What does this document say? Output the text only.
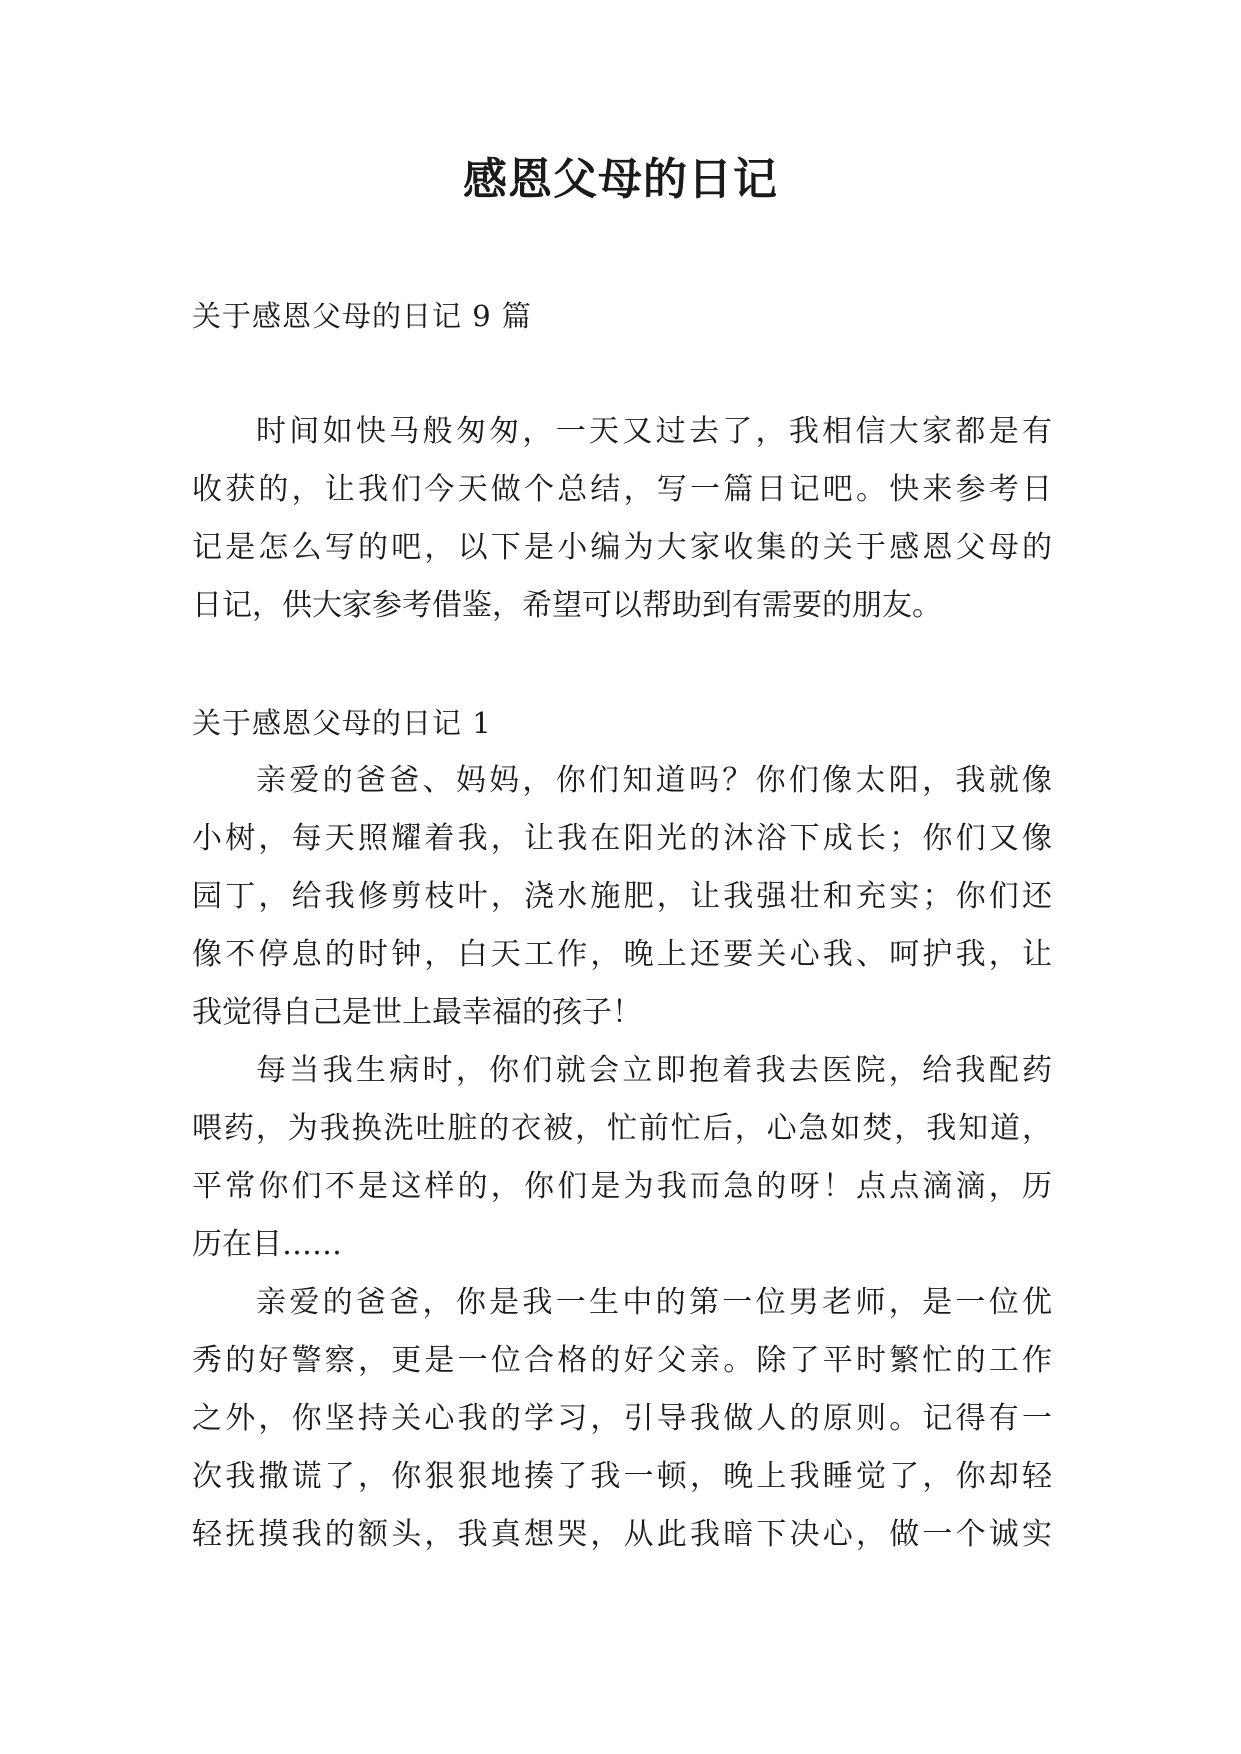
感恩父母的日记
关于感恩父母的日记 9 篇
时间如快马般匆匆，一天又过去了，我相信大家都是有
收获的，让我们今天做个总结，写一篇日记吧。快来参考日
记是怎么写的吧，以下是小编为大家收集的关于感恩父母的
日记，供大家参考借鉴，希望可以帮助到有需要的朋友。
关于感恩父母的日记 1
亲爱的爸爸、妈妈，你们知道吗？你们像太阳，我就像
小树，每天照耀着我，让我在阳光的沐浴下成长；你们又像
园丁，给我修剪枝叶，浇水施肥，让我强壮和充实；你们还
像不停息的时钟，白天工作，晚上还要关心我、呵护我，让
我觉得自己是世上最幸福的孩子！
每当我生病时，你们就会立即抱着我去医院，给我配药
喂药，为我换洗吐脏的衣被，忙前忙后，心急如焚，我知道，
平常你们不是这样的，你们是为我而急的呀！点点滴滴，历
历在目……
亲爱的爸爸，你是我一生中的第一位男老师，是一位优
秀的好警察，更是一位合格的好父亲。除了平时繁忙的工作
之外，你坚持关心我的学习，引导我做人的原则。记得有一
次我撒谎了，你狠狠地揍了我一顿，晚上我睡觉了，你却轻
轻抚摸我的额头，我真想哭，从此我暗下决心，做一个诚实
